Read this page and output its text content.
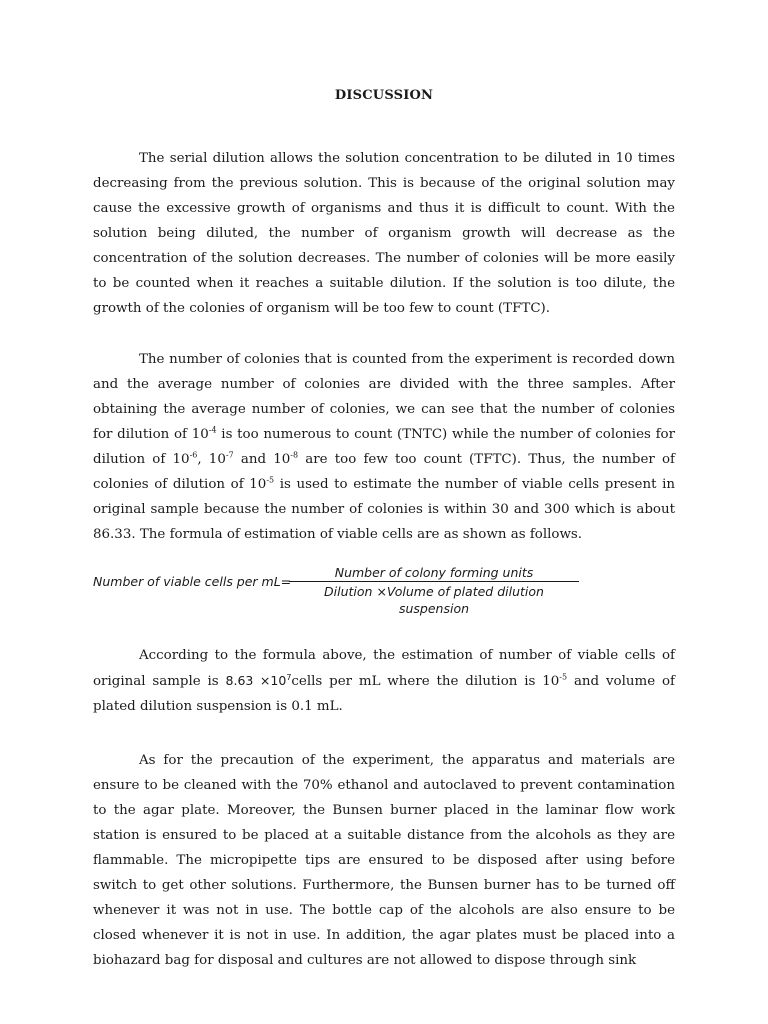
DISCUSSION

The serial dilution allows the solution concentration to be diluted in 10 times decreasing from the previous solution. This is because of the original solution may cause the excessive growth of organisms and thus it is difficult to count. With the solution being diluted, the number of organism growth will decrease as the concentration of the solution decreases. The number of colonies will be more easily to be counted when it reaches a suitable dilution. If the solution is too dilute, the growth of the colonies of organism will be too few to count (TFTC).

The number of colonies that is counted from the experiment is recorded down and the average number of colonies are divided with the three samples. After obtaining the average number of colonies, we can see that the number of colonies for dilution of $10^{-4}$ is too numerous to count (TNTC) while the number of colonies for dilution of $10^{-6}$, $10^{-7}$ and $10^{-8}$ are too few too count (TFTC). Thus, the number of colonies of dilution of $10^{-5}$ is used to estimate the number of viable cells present in original sample because the number of colonies is within 30 and 300 which is about 86.33. The formula of estimation of viable cells are as shown as follows.

Number of viable cells per mL=
Number of colony forming units
Dilution ×Volume of plated dilution suspension

According to the formula above, the estimation of number of viable cells of original sample is $8.63 \times 10^7cells$ per mL where the dilution is $10^{-5}$ and volume of plated dilution suspension is 0.1 mL.

As for the precaution of the experiment, the apparatus and materials are ensure to be cleaned with the 70% ethanol and autoclaved to prevent contamination to the agar plate. Moreover, the Bunsen burner placed in the laminar flow work station is ensured to be placed at a suitable distance from the alcohols as they are flammable. The micropipette tips are ensured to be disposed after using before switch to get other solutions. Furthermore, the Bunsen burner has to be turned off whenever it was not in use. The bottle cap of the alcohols are also ensure to be closed whenever it is not in use. In addition, the agar plates must be placed into a biohazard bag for disposal and cultures are not allowed to dispose through sink
